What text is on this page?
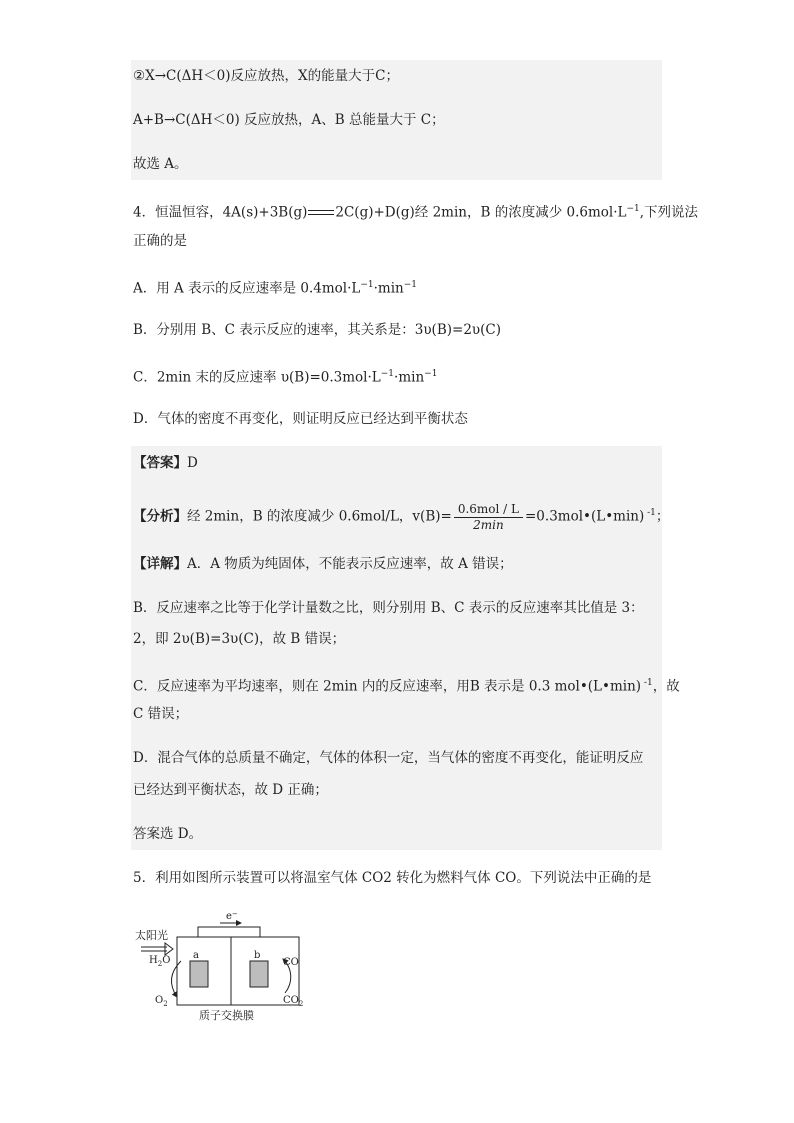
②X→C(ΔH＜0)反应放热，X的能量大于C；
A+B→C(ΔH＜0) 反应放热，A、B 总能量大于 C；
故选 A。
4．恒温恒容，4A(s)+3B(g) 2C(g)+D(g)经 2min，B 的浓度减少 $0.6mol\cdot L^{-1}$,下列说法
正确的是
A．用 A 表示的反应速率是 $0.4mol\cdot L^{-1}\cdot\min^{-1}$
B．分别用 B、C 表示反应的速率，其关系是：3υ(B)=2υ(C)
C．2min 末的反应速率 $\upsilon(B)=0.3mol\cdot L^{-1}\cdot\min^{-1}$
D．气体的密度不再变化，则证明反应已经达到平衡状态
【答案】D
【分析】经 2min，B 的浓度减少 0.6mol/L，$v(B)= \frac{\text{0.6mol / L}}{2\min}$ =0.3mol•(L•min) $^{-1}$；
【详解】A．A 物质为纯固体，不能表示反应速率，故 A 错误；
B．反应速率之比等于化学计量数之比，则分别用 B、C 表示的反应速率其比值是 3：
2，即 2υ(B)=3υ(C)，故 B 错误；
C．反应速率为平均速率，则在 2min 内的反应速率，用B 表示是 0.3 mol•(L•min) $^{-1}$，故
C 错误；
D．混合气体的总质量不确定，气体的体积一定，当气体的密度不再变化，能证明反应
已经达到平衡状态，故 D 正确；
答案选 D。
5．利用如图所示装置可以将温室气体 CO2 转化为燃料气体 CO。下列说法中正确的是
太阳光
e−
a	b
$H_2O$
$O_2$
CO
$CO_2$
质子交换膜
